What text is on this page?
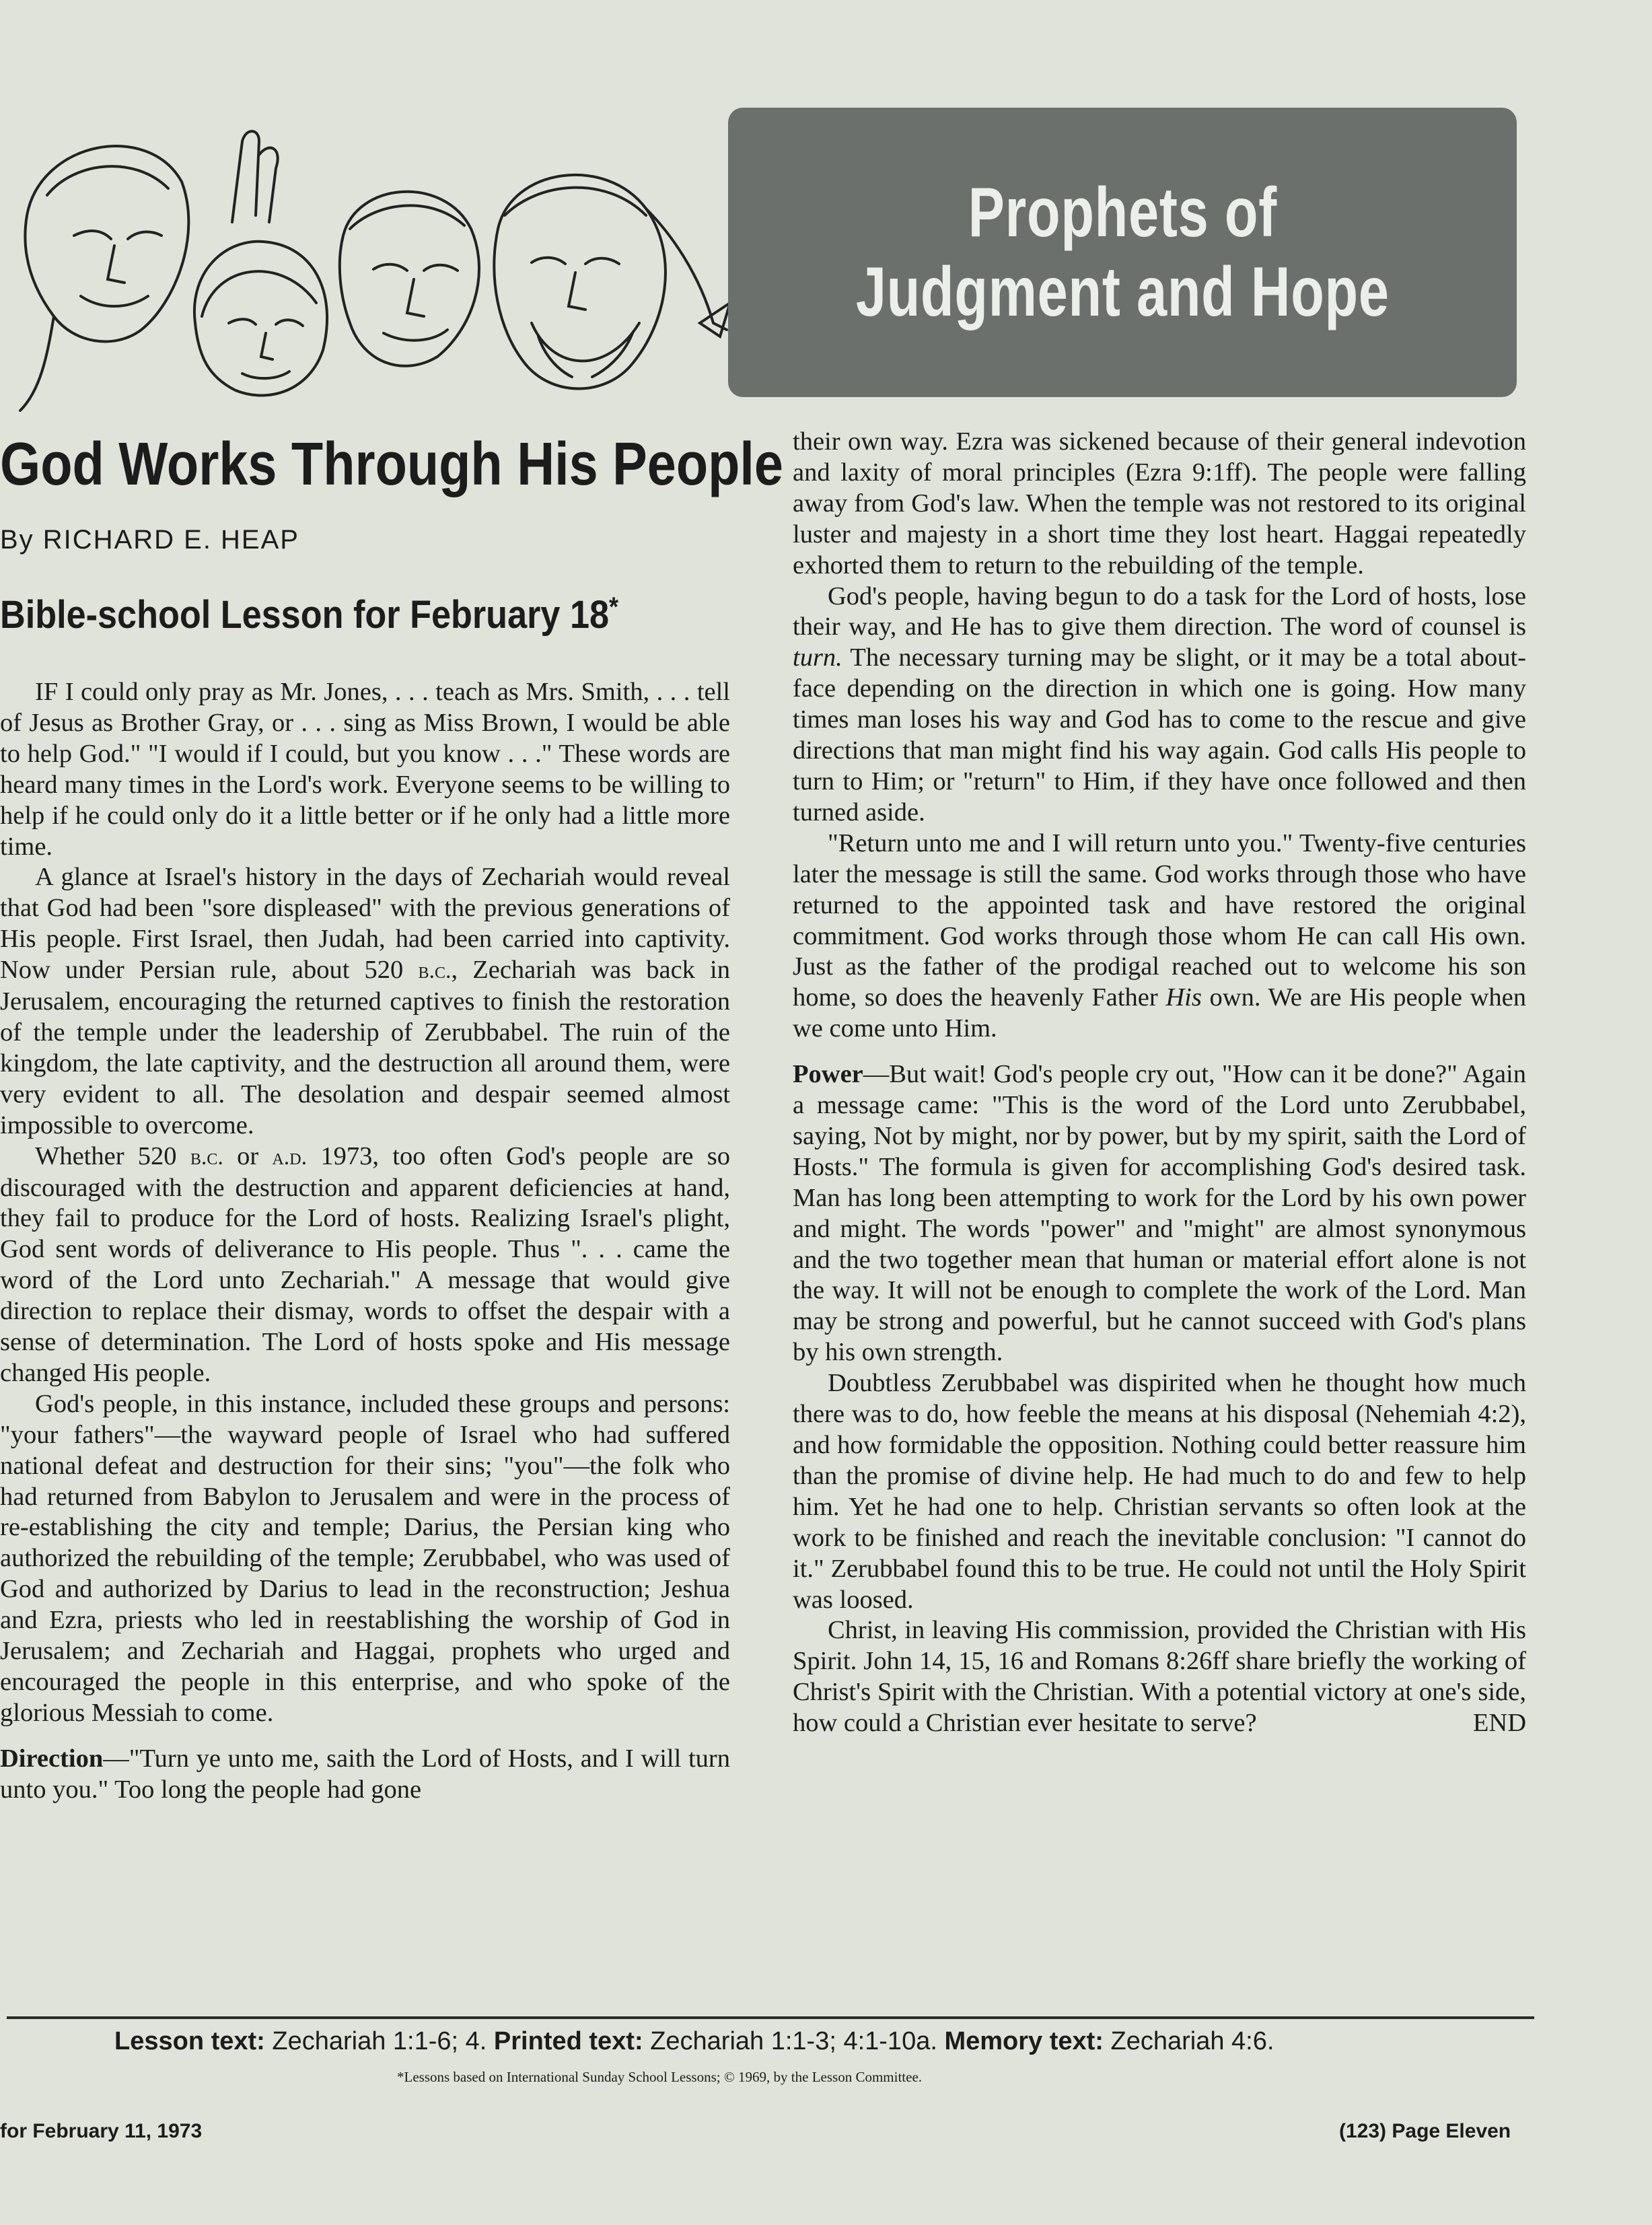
Prophets of
Judgment and Hope
God Works Through His People
By RICHARD E. HEAP
Bible-school Lesson for February 18*

IF I could only pray as Mr. Jones, . . . teach as Mrs. Smith, . . . tell of Jesus as Brother Gray, or . . . sing as Miss Brown, I would be able to help God." "I would if I could, but you know . . ." These words are heard many times in the Lord's work. Everyone seems to be willing to help if he could only do it a little better or if he only had a little more time.

A glance at Israel's history in the days of Zechariah would reveal that God had been "sore displeased" with the previous generations of His people. First Israel, then Judah, had been carried into captivity. Now under Persian rule, about 520 b.c., Zechariah was back in Jerusalem, encouraging the returned captives to finish the restoration of the temple under the leadership of Zerubbabel. The ruin of the kingdom, the late captivity, and the destruction all around them, were very evident to all. The desolation and despair seemed almost impossible to overcome.

Whether 520 b.c. or a.d. 1973, too often God's people are so discouraged with the destruction and apparent deficiencies at hand, they fail to produce for the Lord of hosts. Realizing Israel's plight, God sent words of deliverance to His people. Thus ". . . came the word of the Lord unto Zechariah." A message that would give direction to replace their dismay, words to offset the despair with a sense of determination. The Lord of hosts spoke and His message changed His people.

God's people, in this instance, included these groups and persons: "your fathers"—the wayward people of Israel who had suffered national defeat and destruction for their sins; "you"—the folk who had returned from Babylon to Jerusalem and were in the process of re-establishing the city and temple; Darius, the Persian king who authorized the rebuilding of the temple; Zerubbabel, who was used of God and authorized by Darius to lead in the reconstruction; Jeshua and Ezra, priests who led in reestablishing the worship of God in Jerusalem; and Zechariah and Haggai, prophets who urged and encouraged the people in this enterprise, and who spoke of the glorious Messiah to come.

Direction—"Turn ye unto me, saith the Lord of Hosts, and I will turn unto you." Too long the people had gone

their own way. Ezra was sickened because of their general indevotion and laxity of moral principles (Ezra 9:1ff). The people were falling away from God's law. When the temple was not restored to its original luster and majesty in a short time they lost heart. Haggai repeatedly exhorted them to return to the rebuilding of the temple.

God's people, having begun to do a task for the Lord of hosts, lose their way, and He has to give them direction. The word of counsel is turn. The necessary turning may be slight, or it may be a total about-face depending on the direction in which one is going. How many times man loses his way and God has to come to the rescue and give directions that man might find his way again. God calls His people to turn to Him; or "return" to Him, if they have once followed and then turned aside.

"Return unto me and I will return unto you." Twenty-five centuries later the message is still the same. God works through those who have returned to the appointed task and have restored the original commitment. God works through those whom He can call His own. Just as the father of the prodigal reached out to welcome his son home, so does the heavenly Father His own. We are His people when we come unto Him.

Power—But wait! God's people cry out, "How can it be done?" Again a message came: "This is the word of the Lord unto Zerubbabel, saying, Not by might, nor by power, but by my spirit, saith the Lord of Hosts." The formula is given for accomplishing God's desired task. Man has long been attempting to work for the Lord by his own power and might. The words "power" and "might" are almost synonymous and the two together mean that human or material effort alone is not the way. It will not be enough to complete the work of the Lord. Man may be strong and powerful, but he cannot succeed with God's plans by his own strength.

Doubtless Zerubbabel was dispirited when he thought how much there was to do, how feeble the means at his disposal (Nehemiah 4:2), and how formidable the opposition. Nothing could better reassure him than the promise of divine help. He had much to do and few to help him. Yet he had one to help. Christian servants so often look at the work to be finished and reach the inevitable conclusion: "I cannot do it." Zerubbabel found this to be true. He could not until the Holy Spirit was loosed.

Christ, in leaving His commission, provided the Christian with His Spirit. John 14, 15, 16 and Romans 8:26ff share briefly the working of Christ's Spirit with the Christian. With a potential victory at one's side, how could a Christian ever hesitate to serve?	END

Lesson text: Zechariah 1:1-6; 4. Printed text: Zechariah 1:1-3; 4:1-10a. Memory text: Zechariah 4:6.
*Lessons based on International Sunday School Lessons; © 1969, by the Lesson Committee.
for February 11, 1973	(123) Page Eleven
